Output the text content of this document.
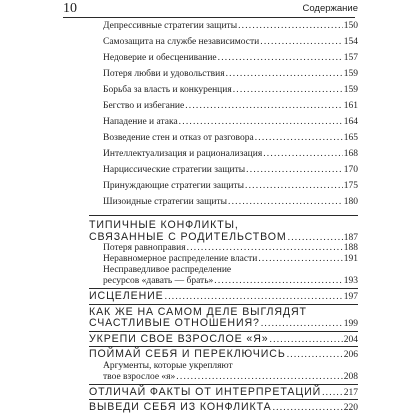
10	Содержание
Депрессивные стратегии защиты .....	150
Самозащита на службе независимости .....	154
Недоверие и обесценивание .....	157
Потеря любви и удовольствия .....	159
Борьба за власть и конкуренция .....	159
Бегство и избегание .....	161
Нападение и атака .....	164
Возведение стен и отказ от разговора .....	165
Интеллектуализация и рационализация .....	168
Нарциссические стратегии защиты .....	170
Принуждающие стратегии защиты .....	175
Шизоидные стратегии защиты .....	180
ТИПИЧНЫЕ КОНФЛИКТЫ,
СВЯЗАННЫЕ С РОДИТЕЛЬСТВОМ .....	187
Потеря равноправия .....	188
Неравномерное распределение власти .....	191
Несправедливое распределение
ресурсов «давать — брать» .....	193
ИСЦЕЛЕНИЕ .....	197
КАК ЖЕ НА САМОМ ДЕЛЕ ВЫГЛЯДЯТ
СЧАСТЛИВЫЕ ОТНОШЕНИЯ? .....	199
УКРЕПИ СВОЕ ВЗРОСЛОЕ «Я» .....	204
ПОЙМАЙ СЕБЯ И ПЕРЕКЛЮЧИСЬ .....	206
Аргументы, которые укрепляют
твое взрослое «я» .....	208
ОТЛИЧАЙ ФАКТЫ ОТ ИНТЕРПРЕТАЦИЙ ..... 217
ВЫВЕДИ СЕБЯ ИЗ КОНФЛИКТА .....	220
